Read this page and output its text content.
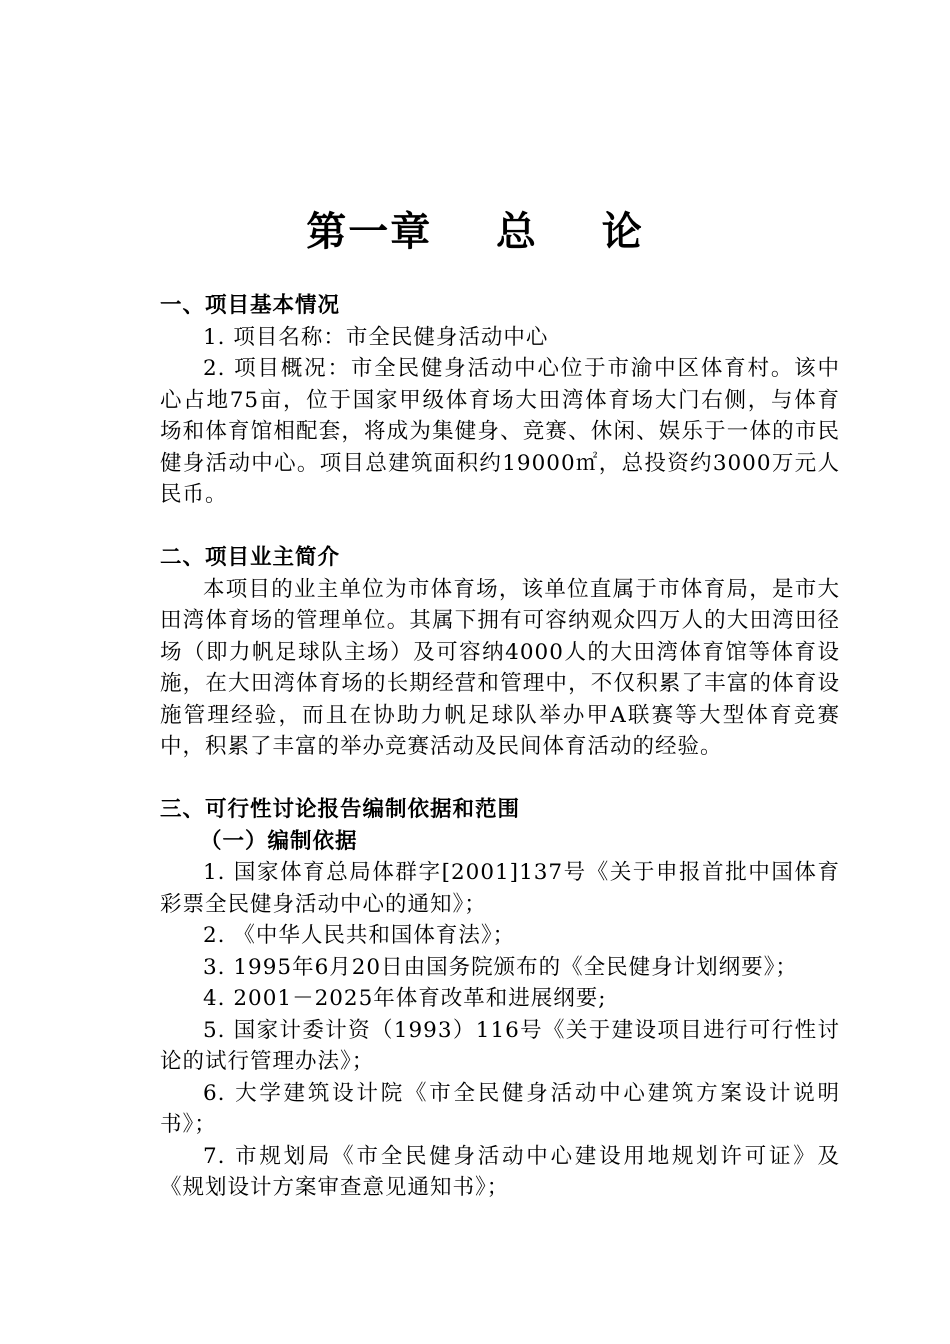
第一章    总    论

一、项目基本情况

1. 项目名称：市全民健身活动中心

2. 项目概况：市全民健身活动中心位于市渝中区体育村。该中心占地75亩，位于国家甲级体育场大田湾体育场大门右侧，与体育场和体育馆相配套，将成为集健身、竞赛、休闲、娱乐于一体的市民健身活动中心。项目总建筑面积约19000㎡，总投资约3000万元人民币。

二、项目业主简介

本项目的业主单位为市体育场，该单位直属于市体育局，是市大田湾体育场的管理单位。其属下拥有可容纳观众四万人的大田湾田径场（即力帆足球队主场）及可容纳4000人的大田湾体育馆等体育设施，在大田湾体育场的长期经营和管理中，不仅积累了丰富的体育设施管理经验，而且在协助力帆足球队举办甲A联赛等大型体育竞赛中，积累了丰富的举办竞赛活动及民间体育活动的经验。

三、可行性讨论报告编制依据和范围

（一）编制依据

1. 国家体育总局体群字[2001]137号《关于申报首批中国体育彩票全民健身活动中心的通知》；

2. 《中华人民共和国体育法》；

3. 1995年6月20日由国务院颁布的《全民健身计划纲要》；

4. 2001－2025年体育改革和进展纲要;

5. 国家计委计资（1993）116号《关于建设项目进行可行性讨论的试行管理办法》；

6. 大学建筑设计院《市全民健身活动中心建筑方案设计说明书》；

7. 市规划局《市全民健身活动中心建设用地规划许可证》及《规划设计方案审查意见通知书》；
